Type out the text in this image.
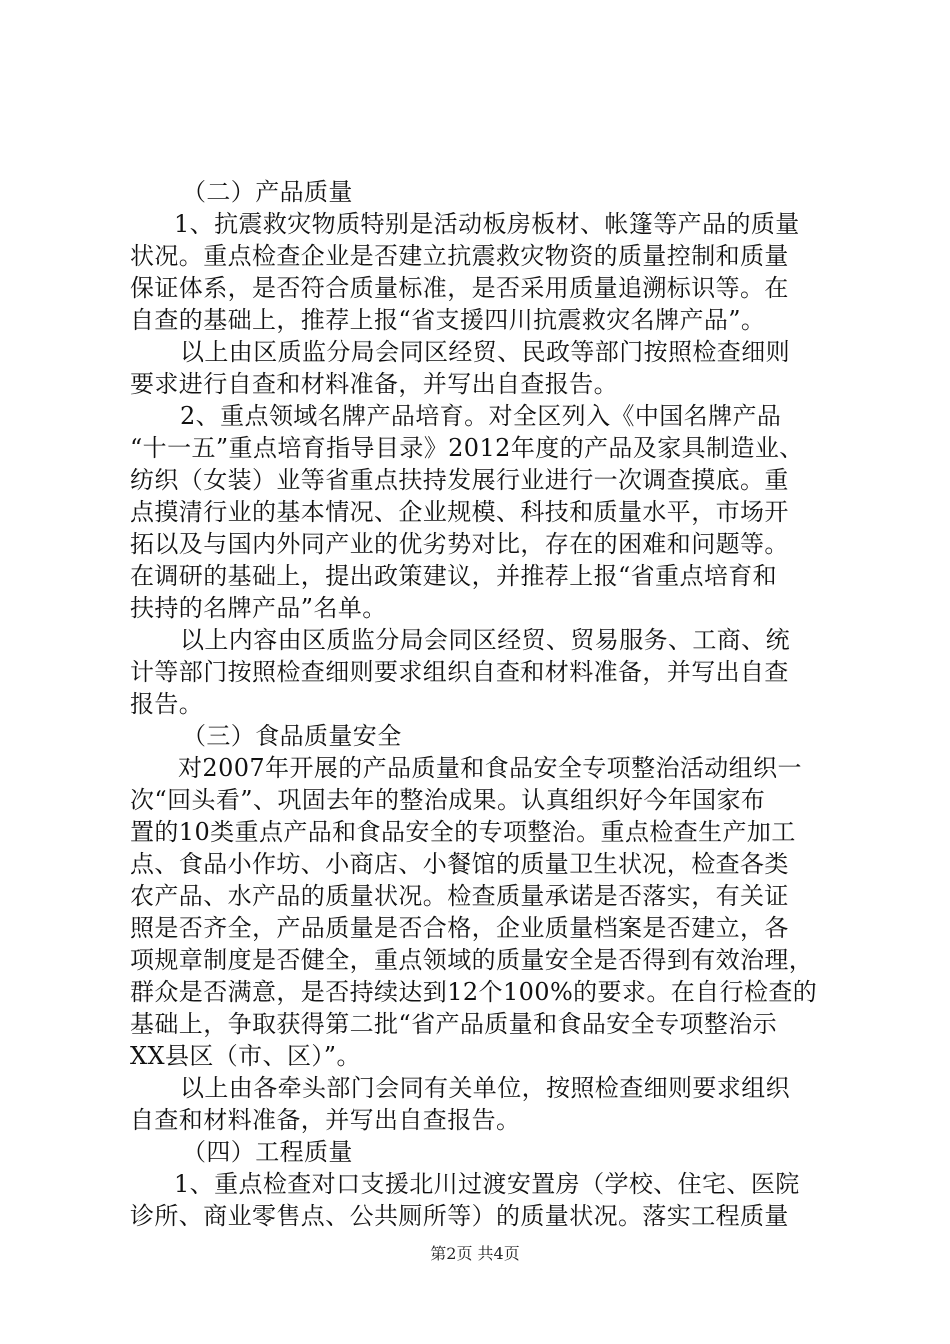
（二）产品质量
1、抗震救灾物质特别是活动板房板材、帐篷等产品的质量
状况。重点检查企业是否建立抗震救灾物资的质量控制和质量
保证体系，是否符合质量标准，是否采用质量追溯标识等。在
自查的基础上，推荐上报“省支援四川抗震救灾名牌产品”。
以上由区质监分局会同区经贸、民政等部门按照检查细则
要求进行自查和材料准备，并写出自查报告。
2、重点领域名牌产品培育。对全区列入《中国名牌产品
“十一五”重点培育指导目录》2012年度的产品及家具制造业、
纺织（女装）业等省重点扶持发展行业进行一次调查摸底。重
点摸清行业的基本情况、企业规模、科技和质量水平，市场开
拓以及与国内外同产业的优劣势对比，存在的困难和问题等。
在调研的基础上，提出政策建议，并推荐上报“省重点培育和
扶持的名牌产品”名单。
以上内容由区质监分局会同区经贸、贸易服务、工商、统
计等部门按照检查细则要求组织自查和材料准备，并写出自查
报告。
（三）食品质量安全
对2007年开展的产品质量和食品安全专项整治活动组织一
次“回头看”、巩固去年的整治成果。认真组织好今年国家布
置的10类重点产品和食品安全的专项整治。重点检查生产加工
点、食品小作坊、小商店、小餐馆的质量卫生状况，检查各类
农产品、水产品的质量状况。检查质量承诺是否落实，有关证
照是否齐全，产品质量是否合格，企业质量档案是否建立，各
项规章制度是否健全，重点领域的质量安全是否得到有效治理，
群众是否满意，是否持续达到12个100%的要求。在自行检查的
基础上，争取获得第二批“省产品质量和食品安全专项整治示
XX县区（市、区）”。
以上由各牵头部门会同有关单位，按照检查细则要求组织
自查和材料准备，并写出自查报告。
（四）工程质量
1、重点检查对口支援北川过渡安置房（学校、住宅、医院
诊所、商业零售点、公共厕所等）的质量状况。落实工程质量
第2页 共4页
